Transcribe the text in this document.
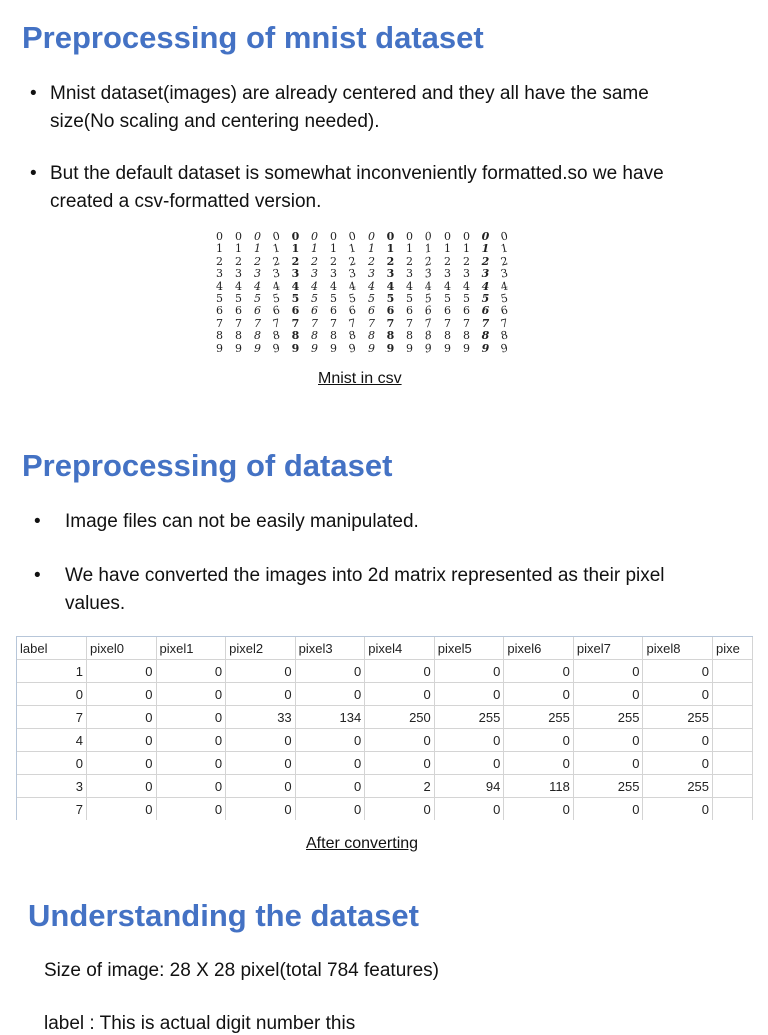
Preprocessing of mnist dataset
• Mnist dataset(images) are already centered and they all have the same size(No scaling and centering needed).
• But the default dataset is somewhat inconveniently formatted.so we have created a csv-formatted version.
0	0	0 0 0	0	0 0 0	0	0 0 0	0	0 0
1	1	1 1 1	1	1 1 1	1	1 1 1	1	1 1
2	2	2 2 2	2	2 2 2	2	2 2 2	2	2 2
3	3	3 3 3	3	3 3 3	3	3 3 3	3	3 3
4	4	4 4 4	4	4 4 4	4	4 4 4	4	4 4
5	5	5 5 5	5	5 5 5	5	5 5 5	5	5 5
6	6	6 6 6	6	6 6 6	6	6 6 6	6	6 6
7	7	7 7 7	7	7 7 7	7	7 7 7	7	7 7
8	8	8 8 8	8	8 8 8	8	8 8 8	8	8 8
9	9	9 9 9	9	9 9 9	9	9 9 9	9	9 9
Mnist in csv
Preprocessing of dataset
• Image files can not be easily manipulated.
• We have converted the images into 2d matrix represented as their pixel values.
label	pixel0	pixel1	pixel2	pixel3	pixel4	pixel5	pixel6	pixel7	pixel8	pixe
1	0	0	0	0	0	0	0	0	0	
0	0	0	0	0	0	0	0	0	0	
7	0	0	33	134	250	255	255	255	255	
4	0	0	0	0	0	0	0	0	0	
0	0	0	0	0	0	0	0	0	0	
3	0	0	0	0	2	94	118	255	255	
7	0	0	0	0	0	0	0	0	0	
After converting
Understanding the dataset
Size of image: 28 X 28 pixel(total 784 features)
label : This is actual digit number this
